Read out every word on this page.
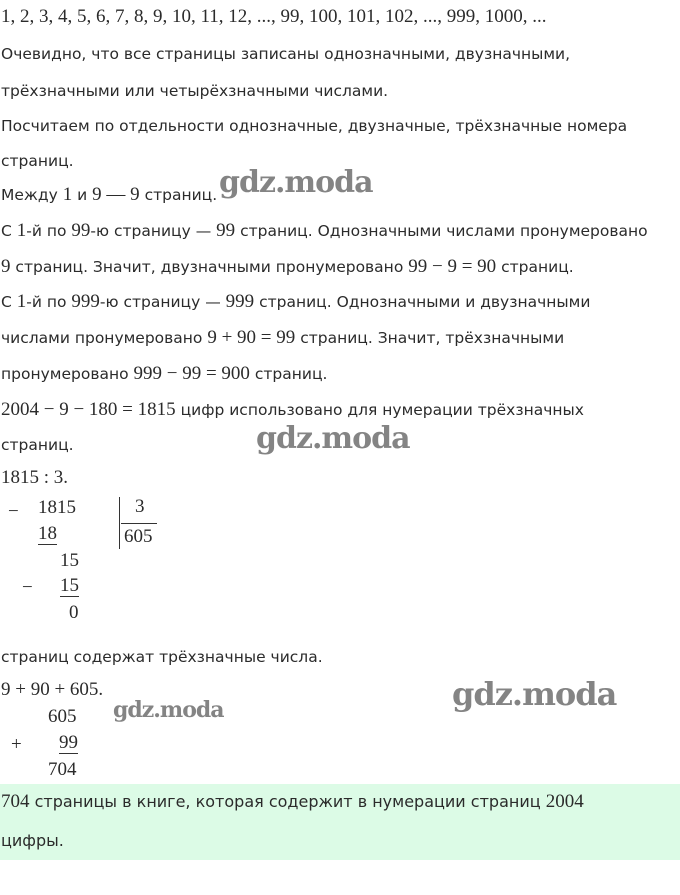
1, 2, 3, 4, 5, 6, 7, 8, 9, 10, 11, 12, ..., 99, 100, 101, 102, ..., 999, 1000, ...
Очевидно, что все страницы записаны однозначными, двузначными,
трёхзначными или четырёхзначными числами.
Посчитаем по отдельности однозначные, двузначные, трёхзначные номера
страниц.
Между 1 и 9 — 9 страниц.
С 1-й по 99-ю страницу — 99 страниц. Однозначными числами пронумеровано
9 страниц. Значит, двузначными пронумеровано 99 − 9 = 90 страниц.
С 1-й по 999-ю страницу — 999 страниц. Однозначными и двузначными
числами пронумеровано 9 + 90 = 99 страниц. Значит, трёхзначными
пронумеровано 999 − 99 = 900 страниц.
2004 − 9 − 180 = 1815 цифр использовано для нумерации трёхзначных
страниц.
1815 : 3.
− 1815
18
3
605
15
− 15
0
страниц содержат трёхзначные числа.
9 + 90 + 605.
605
+ 99
704
704 страницы в книге, которая содержит в нумерации страниц 2004
цифры.
gdz.moda
gdz.moda
gdz.moda
gdz.moda
